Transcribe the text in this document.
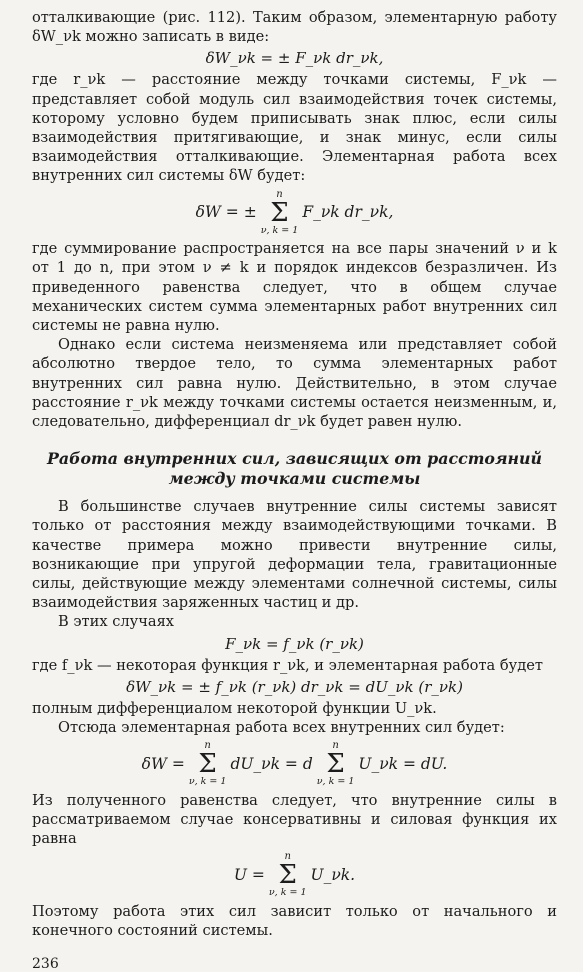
отталкивающие (рис. 112). Таким образом, элементарную работу δW_νk можно записать в виде:

δW_νk = ± F_νk dr_νk,

где r_νk — расстояние между точками системы, F_νk — представляет собой модуль сил взаимодействия точек системы, которому условно будем приписывать знак плюс, если силы взаимодействия притягивающие, и знак минус, если силы взаимодействия отталкивающие. Элементарная работа всех внутренних сил системы δW будет:

δW = ±
n
Σ
ν, k = 1
F_νk dr_νk,

где суммирование распространяется на все пары значений ν и k от 1 до n, при этом ν ≠ k и порядок индексов безразличен. Из приведенного равенства следует, что в общем случае механических систем сумма элементарных работ внутренних сил системы не равна нулю.

Однако если система неизменяема или представляет собой абсолютно твердое тело, то сумма элементарных работ внутренних сил равна нулю. Действительно, в этом случае расстояние r_νk между точками системы остается неизменным, и, следовательно, дифференциал dr_νk будет равен нулю.

Работа внутренних сил, зависящих от расстояний между точками системы

В большинстве случаев внутренние силы системы зависят только от расстояния между взаимодействующими точками. В качестве примера можно привести внутренние силы, возникающие при упругой деформации тела, гравитационные силы, действующие между элементами солнечной системы, силы взаимодействия заряженных частиц и др.

В этих случаях

F_νk = f_νk (r_νk)

где f_νk — некоторая функция r_νk, и элементарная работа будет

δW_νk = ± f_νk (r_νk) dr_νk = dU_νk (r_νk)

полным дифференциалом некоторой функции U_νk.

Отсюда элементарная работа всех внутренних сил будет:

δW =
n
Σ
ν, k = 1
dU_νk = d
n
Σ
ν, k = 1
U_νk = dU.

Из полученного равенства следует, что внутренние силы в рассматриваемом случае консервативны и силовая функция их равна

U =
n
Σ
ν, k = 1
U_νk.

Поэтому работа этих сил зависит только от начального и конечного состояний системы.

236
